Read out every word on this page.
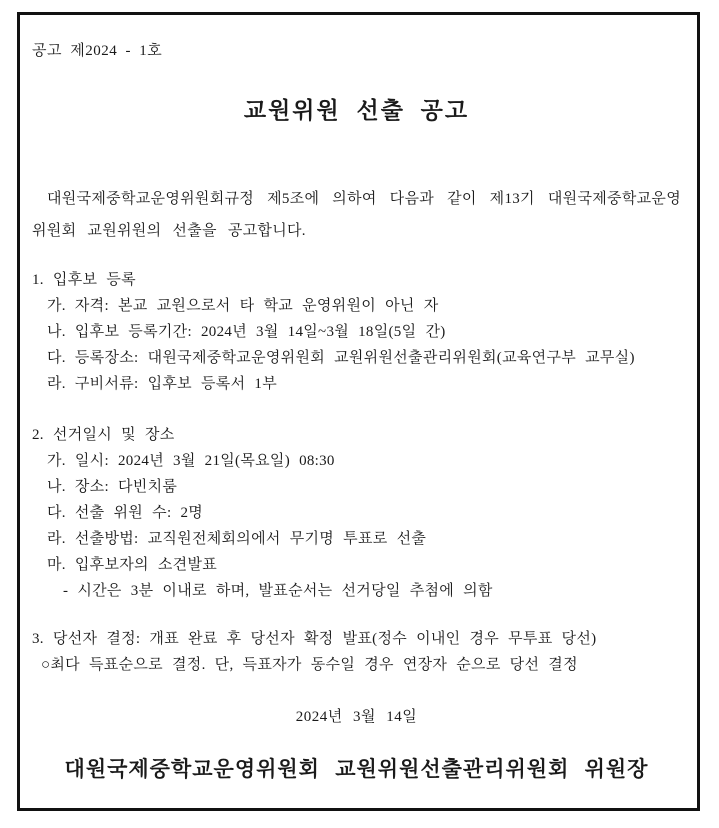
공고 제2024 - 1호
교원위원 선출 공고
대원국제중학교운영위원회규정 제5조에 의하여 다음과 같이 제13기 대원국제중학교운영위원회 교원위원의 선출을 공고합니다.
1. 입후보 등록
가. 자격: 본교 교원으로서 타 학교 운영위원이 아닌 자
나. 입후보 등록기간: 2024년 3월 14일~3월 18일(5일 간)
다. 등록장소: 대원국제중학교운영위원회 교원위원선출관리위원회(교육연구부 교무실)
라. 구비서류: 입후보 등록서 1부
2. 선거일시 및 장소
가. 일시: 2024년 3월 21일(목요일) 08:30
나. 장소: 다빈치룸
다. 선출 위원 수: 2명
라. 선출방법: 교직원전체회의에서 무기명 투표로 선출
마. 입후보자의 소견발표
- 시간은 3분 이내로 하며, 발표순서는 선거당일 추첨에 의함
3. 당선자 결정: 개표 완료 후 당선자 확정 발표(정수 이내인 경우 무투표 당선)
○최다 득표순으로 결정. 단, 득표자가 동수일 경우 연장자 순으로 당선 결정
2024년 3월 14일
대원국제중학교운영위원회 교원위원선출관리위원회 위원장
